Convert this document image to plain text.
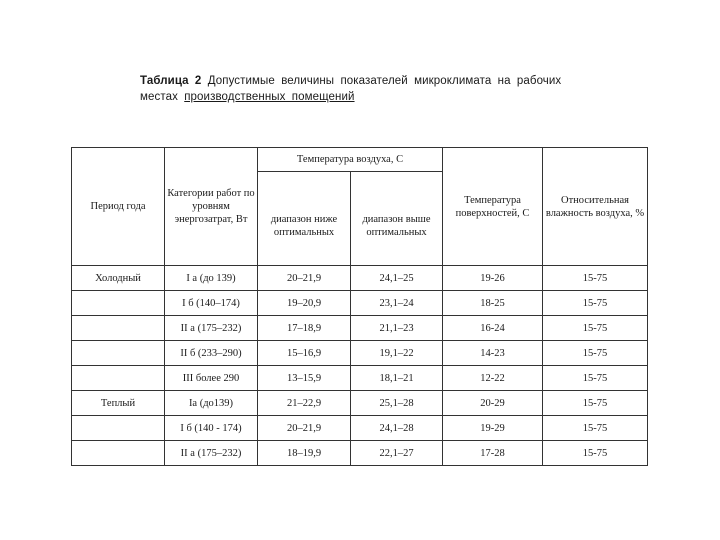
Таблица 2 Допустимые величины показателей микроклимата на рабочих местах производственных помещений
Период года	Категории работ по уровням энергозатрат, Вт	Температура воздуха, С		Температура поверхностей, С	Относительная влажность воздуха, %
		диапазон ниже оптимальных	диапазон выше оптимальных		
Холодный	I а (до 139)	20–21,9	24,1–25	19-26	15-75
	I б (140–174)	19–20,9	23,1–24	18-25	15-75
	II а (175–232)	17–18,9	21,1–23	16-24	15-75
	II б (233–290)	15–16,9	19,1–22	14-23	15-75
	III более 290	13–15,9	18,1–21	12-22	15-75
Теплый	Iа (до139)	21–22,9	25,1–28	20-29	15-75
	I б (140 - 174)	20–21,9	24,1–28	19-29	15-75
	II а (175–232)	18–19,9	22,1–27	17-28	15-75
